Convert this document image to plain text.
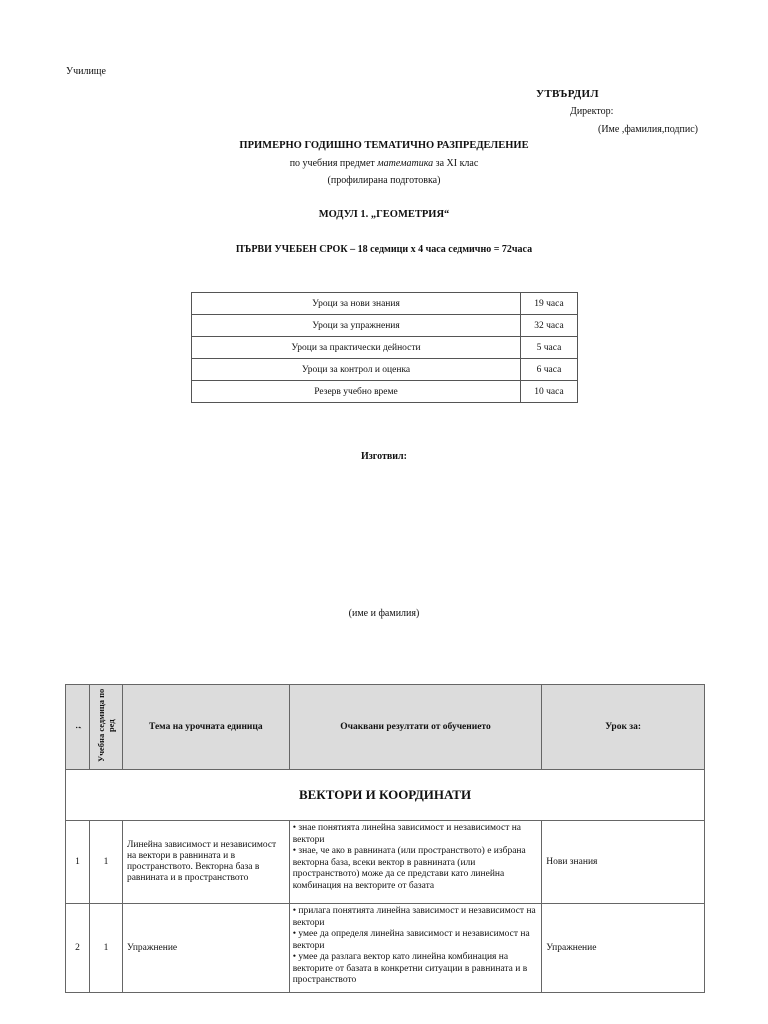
Училище
УТВЪРДИЛ
Директор:
(Име ,фамилия,подпис)
ПРИМЕРНО ГОДИШНО ТЕМАТИЧНО РАЗПРЕДЕЛЕНИЕ
по учебния предмет математика за XI клас
(профилирана подготовка)
МОДУЛ 1. „ГЕОМЕТРИЯ“
ПЪРВИ УЧЕБЕН СРОК – 18 седмици х 4 часа седмично = 72часа
Уроци за нови знания	19 часа
Уроци за упражнения	32 часа
Уроци за практически дейности	5 часа
Уроци за контрол и оценка	6 часа
Резерв учебно време	10 часа
Изготвил:
(име и фамилия)
;	Учебна седмица по ред	Тема на урочната единица	Очаквани резултати от обучението	Урок за:
ВЕКТОРИ И КООРДИНАТИ				
1	1	Линейна зависимост и независимост на вектори в равнината и в пространството. Векторна база в равнината и в пространството	• знае понятията линейна зависимост и независимост на вектори
• знае, че ако в равнината (или пространството) е избрана векторна база, всеки вектор в равнината (или пространството) може да се представи като линейна комбинация на векторите от базата	Нови знания
2	1	Упражнение	• прилага понятията линейна зависимост и независимост на вектори
• умее да определя линейна зависимост и независимост на вектори
• умее да разлага вектор като линейна комбинация на векторите от базата в конкретни ситуации в равнината и в пространството	Упражнение
